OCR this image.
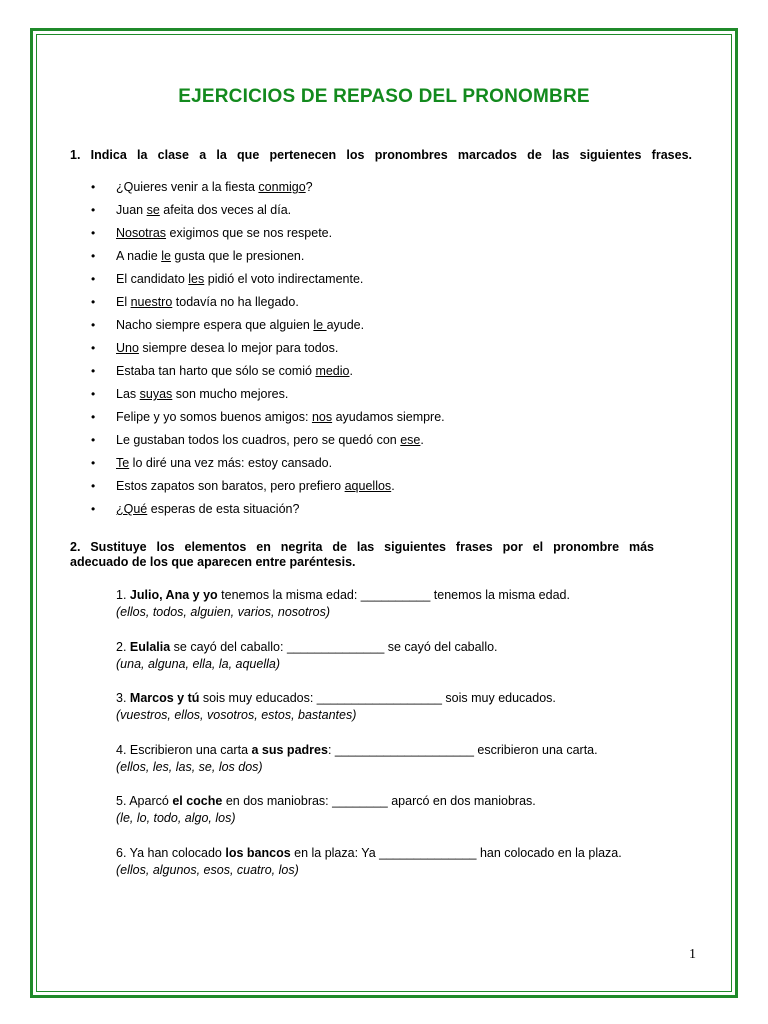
EJERCICIOS DE REPASO DEL PRONOMBRE
1. Indica la clase a la que pertenecen los pronombres marcados de las siguientes frases.
• ¿Quieres venir a la fiesta conmigo?
• Juan se afeita dos veces al día.
• Nosotras exigimos que se nos respete.
• A nadie le gusta que le presionen.
• El candidato les pidió el voto indirectamente.
• El nuestro todavía no ha llegado.
• Nacho siempre espera que alguien le ayude.
• Uno siempre desea lo mejor para todos.
• Estaba tan harto que sólo se comió medio.
• Las suyas son mucho mejores.
• Felipe y yo somos buenos amigos: nos ayudamos siempre.
• Le gustaban todos los cuadros, pero se quedó con ese.
• Te lo diré una vez más: estoy cansado.
• Estos zapatos son baratos, pero prefiero aquellos.
• ¿Qué esperas de esta situación?
2. Sustituye los elementos en negrita de las siguientes frases por el pronombre más
adecuado de los que aparecen entre paréntesis.
1. Julio, Ana y yo tenemos la misma edad: __________ tenemos la misma edad.
(ellos, todos, alguien, varios, nosotros)
2. Eulalia se cayó del caballo: ______________ se cayó del caballo.
(una, alguna, ella, la, aquella)
3. Marcos y tú sois muy educados: __________________ sois muy educados.
(vuestros, ellos, vosotros, estos, bastantes)
4. Escribieron una carta a sus padres: ____________________ escribieron una carta.
(ellos, les, las, se, los dos)
5. Aparcó el coche en dos maniobras: ________ aparcó en dos maniobras.
(le, lo, todo, algo, los)
6. Ya han colocado los bancos en la plaza: Ya ______________ han colocado en la plaza.
(ellos, algunos, esos, cuatro, los)
1
